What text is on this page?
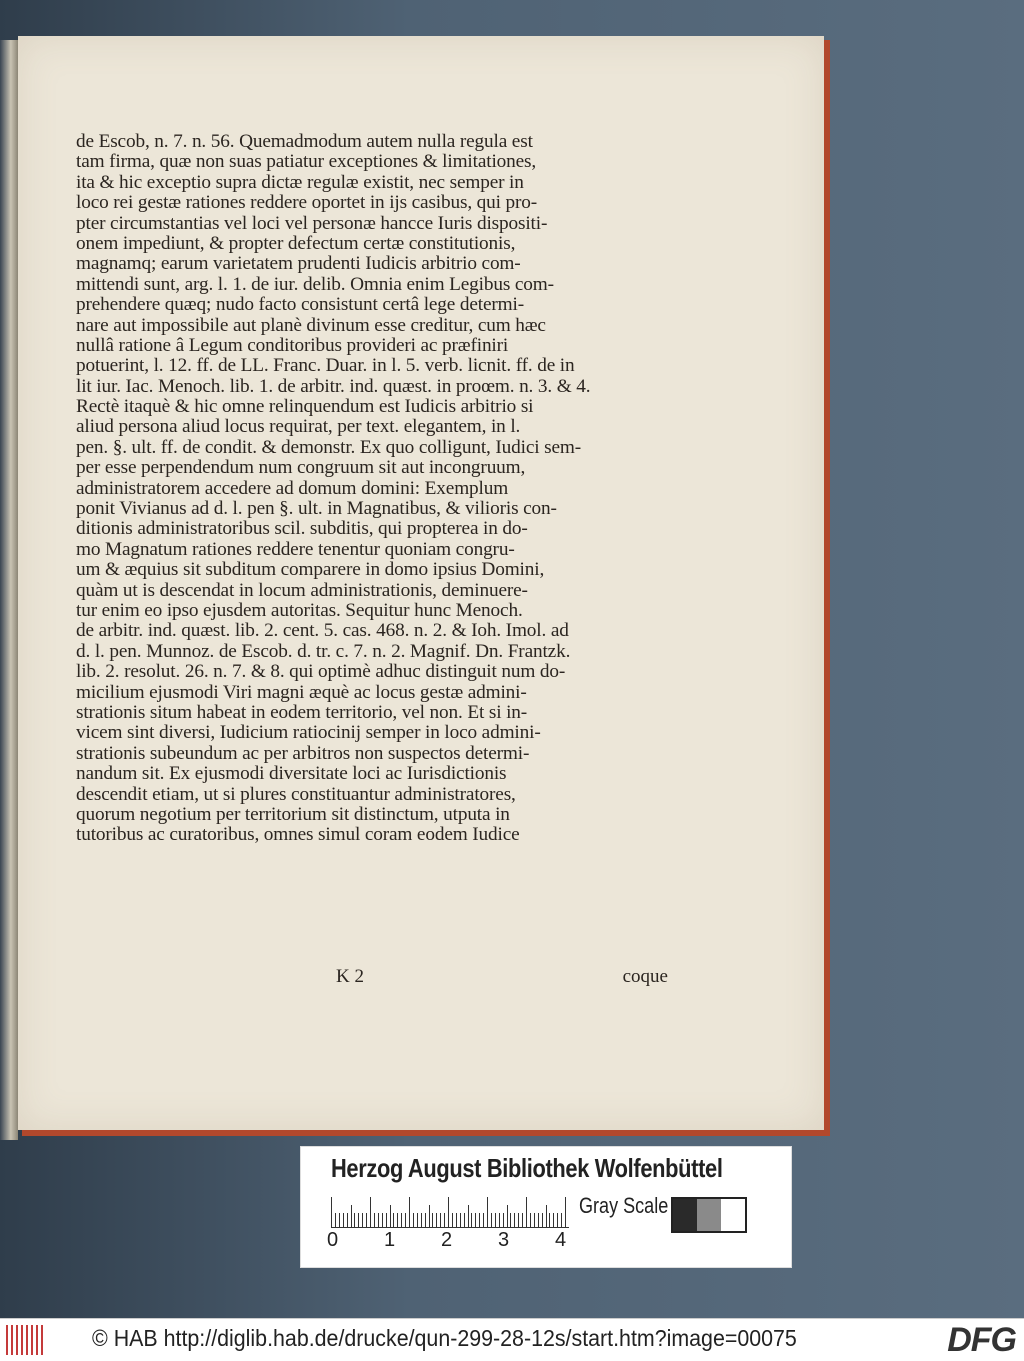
de Escob, n. 7. n. 56. Quemadmodum autem nulla regula est
tam firma, quæ non suas patiatur exceptiones & limitationes,
ita & hic exceptio supra dictæ regulæ existit, nec semper in
loco rei gestæ rationes reddere oportet in ijs casibus, qui pro-
pter circumstantias vel loci vel personæ hancce Iuris dispositi-
onem impediunt, & propter defectum certæ constitutionis,
magnamq; earum varietatem prudenti Iudicis arbitrio com-
mittendi sunt, arg. l. 1. de iur. delib. Omnia enim Legibus com-
prehendere quæq; nudo facto consistunt certâ lege determi-
nare aut impossibile aut planè divinum esse creditur, cum hæc
nullâ ratione â Legum conditoribus provideri ac præfiniri
potuerint, l. 12. ff. de LL. Franc. Duar. in l. 5. verb. licnit. ff. de in
lit iur. Iac. Menoch. lib. 1. de arbitr. ind. quæst. in proœm. n. 3. & 4.
Rectè itaquè & hic omne relinquendum est Iudicis arbitrio si
aliud persona aliud locus requirat, per text. elegantem, in l.
pen. §. ult. ff. de condit. & demonstr. Ex quo colligunt, Iudici sem-
per esse perpendendum num congruum sit aut incongruum,
administratorem accedere ad domum domini: Exemplum
ponit Vivianus ad d. l. pen §. ult. in Magnatibus, & vilioris con-
ditionis administratoribus scil. subditis, qui propterea in do-
mo Magnatum rationes reddere tenentur quoniam congru-
um & æquius sit subditum comparere in domo ipsius Domini,
quàm ut is descendat in locum administrationis, deminuere-
tur enim eo ipso ejusdem autoritas. Sequitur hunc Menoch.
de arbitr. ind. quæst. lib. 2. cent. 5. cas. 468. n. 2. & Ioh. Imol. ad
d. l. pen. Munnoz. de Escob. d. tr. c. 7. n. 2. Magnif. Dn. Frantzk.
lib. 2. resolut. 26. n. 7. & 8. qui optimè adhuc distinguit num do-
micilium ejusmodi Viri magni æquè ac locus gestæ admini-
strationis situm habeat in eodem territorio, vel non. Et si in-
vicem sint diversi, Iudicium ratiocinij semper in loco admini-
strationis subeundum ac per arbitros non suspectos determi-
nandum sit. Ex ejusmodi diversitate loci ac Iurisdictionis
descendit etiam, ut si plures constituantur administratores,
quorum negotium per territorium sit distinctum, utputa in
tutoribus ac curatoribus, omnes simul coram eodem Iudice
K 2	coque
Herzog August Bibliothek Wolfenbüttel
0 1 2 3 4
Gray Scale
© HAB http://diglib.hab.de/drucke/qun-299-28-12s/start.htm?image=00075	DFG
